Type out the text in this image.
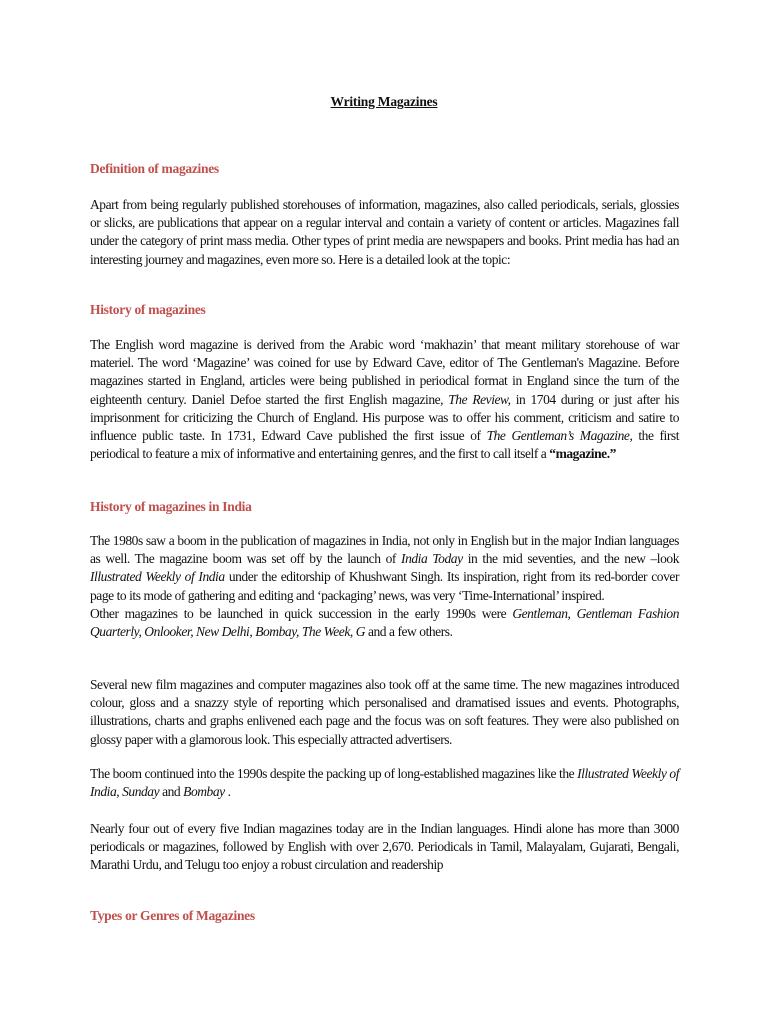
Writing Magazines
Definition of magazines
Apart from being regularly published storehouses of information, magazines, also called periodicals, serials, glossies or slicks, are publications that appear on a regular interval and contain a variety of content or articles. Magazines fall under the category of print mass media. Other types of print media are newspapers and books. Print media has had an interesting journey and magazines, even more so. Here is a detailed look at the topic:
History of magazines
The English word magazine is derived from the Arabic word ‘makhazin’ that meant military storehouse of war materiel. The word ‘Magazine’ was coined for use by Edward Cave, editor of The Gentleman's Magazine. Before magazines started in England, articles were being published in periodical format in England since the turn of the eighteenth century. Daniel Defoe started the first English magazine, The Review, in 1704 during or just after his imprisonment for criticizing the Church of England. His purpose was to offer his comment, criticism and satire to influence public taste. In 1731, Edward Cave published the first issue of The Gentleman’s Magazine, the first periodical to feature a mix of informative and entertaining genres, and the first to call itself a “magazine.”
History of magazines in India
The 1980s saw a boom in the publication of magazines in India, not only in English but in the major Indian languages as well. The magazine boom was set off by the launch of India Today in the mid seventies, and the new –look Illustrated Weekly of India under the editorship of Khushwant Singh. Its inspiration, right from its red-border cover page to its mode of gathering and editing and ‘packaging’ news, was very ‘Time-International’ inspired.
Other magazines to be launched in quick succession in the early 1990s were Gentleman, Gentleman Fashion Quarterly, Onlooker, New Delhi, Bombay, The Week, G and a few others.
Several new film magazines and computer magazines also took off at the same time. The new magazines introduced colour, gloss and a snazzy style of reporting which personalised and dramatised issues and events. Photographs, illustrations, charts and graphs enlivened each page and the focus was on soft features. They were also published on glossy paper with a glamorous look. This especially attracted advertisers.
The boom continued into the 1990s despite the packing up of long-established magazines like the Illustrated Weekly of India, Sunday and Bombay .
Nearly four out of every five Indian magazines today are in the Indian languages. Hindi alone has more than 3000 periodicals or magazines, followed by English with over 2,670. Periodicals in Tamil, Malayalam, Gujarati, Bengali, Marathi Urdu, and Telugu too enjoy a robust circulation and readership
Types or Genres of Magazines
